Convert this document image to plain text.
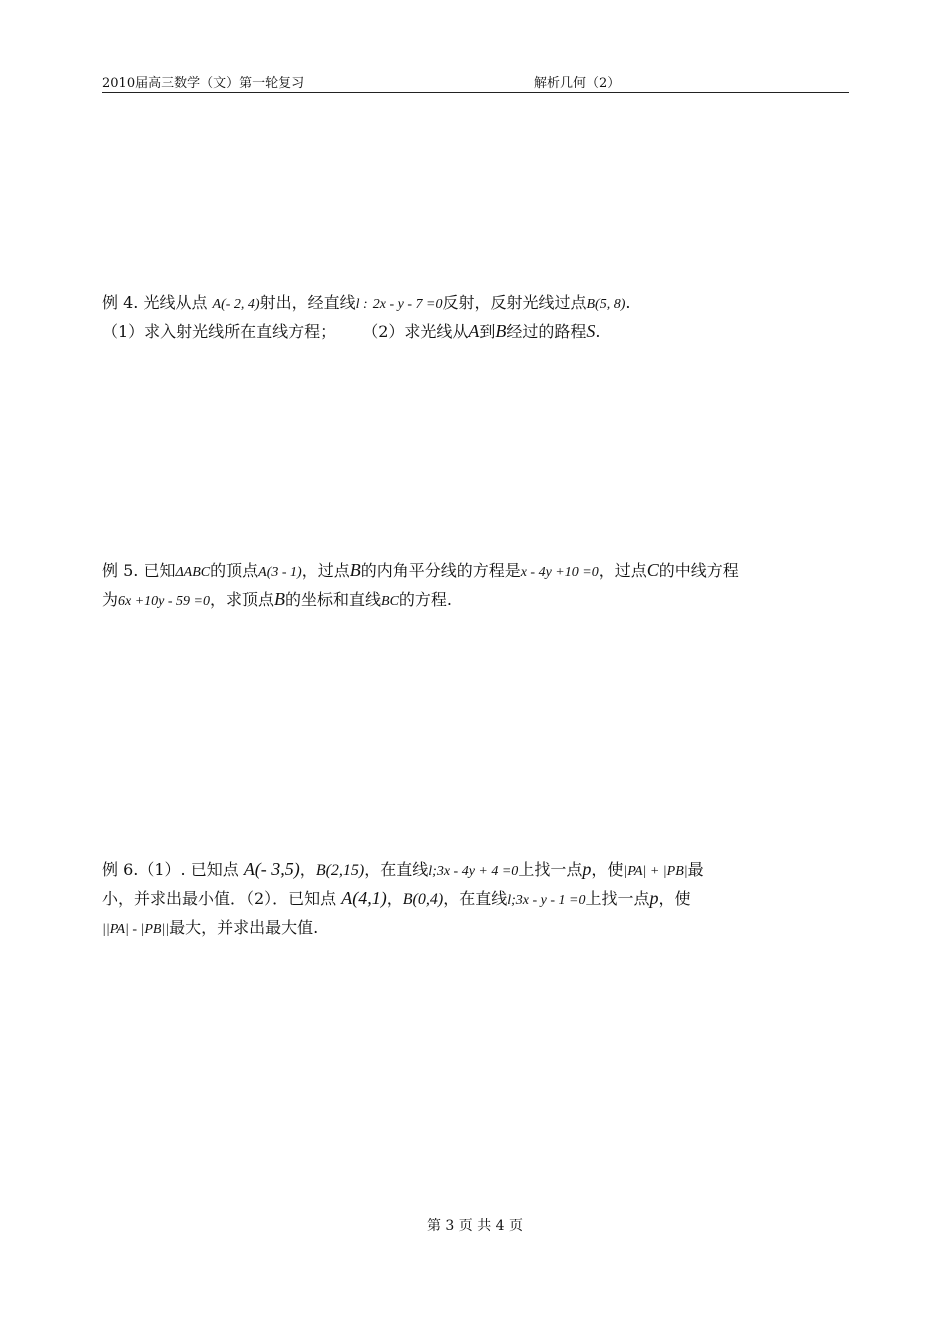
2010届高三数学（文）第一轮复习	解析几何（2）
例 4. 光线从点 A(- 2, 4)射出，经直线l : 2x - y - 7 =0反射，反射光线过点B(5, 8).
（1）求入射光线所在直线方程； （2）求光线从A到B经过的路程S.
例 5. 已知ΔABC的顶点A(3 - 1)，过点B的内角平分线的方程是x - 4y +10 =0，过点C的中线方程
为6x +10y - 59 =0，求顶点B的坐标和直线BC的方程.
例 6.（1）. 已知点 A(- 3,5)，B(2,15)，在直线l;3x - 4y + 4 =0上找一点p，使|PA| + |PB|最
小，并求出最小值．（2）．已知点 A(4,1)，B(0,4)，在直线l;3x - y - 1 =0上找一点p，使
||PA| - |PB||最大，并求出最大值.
第 3 页 共 4 页
